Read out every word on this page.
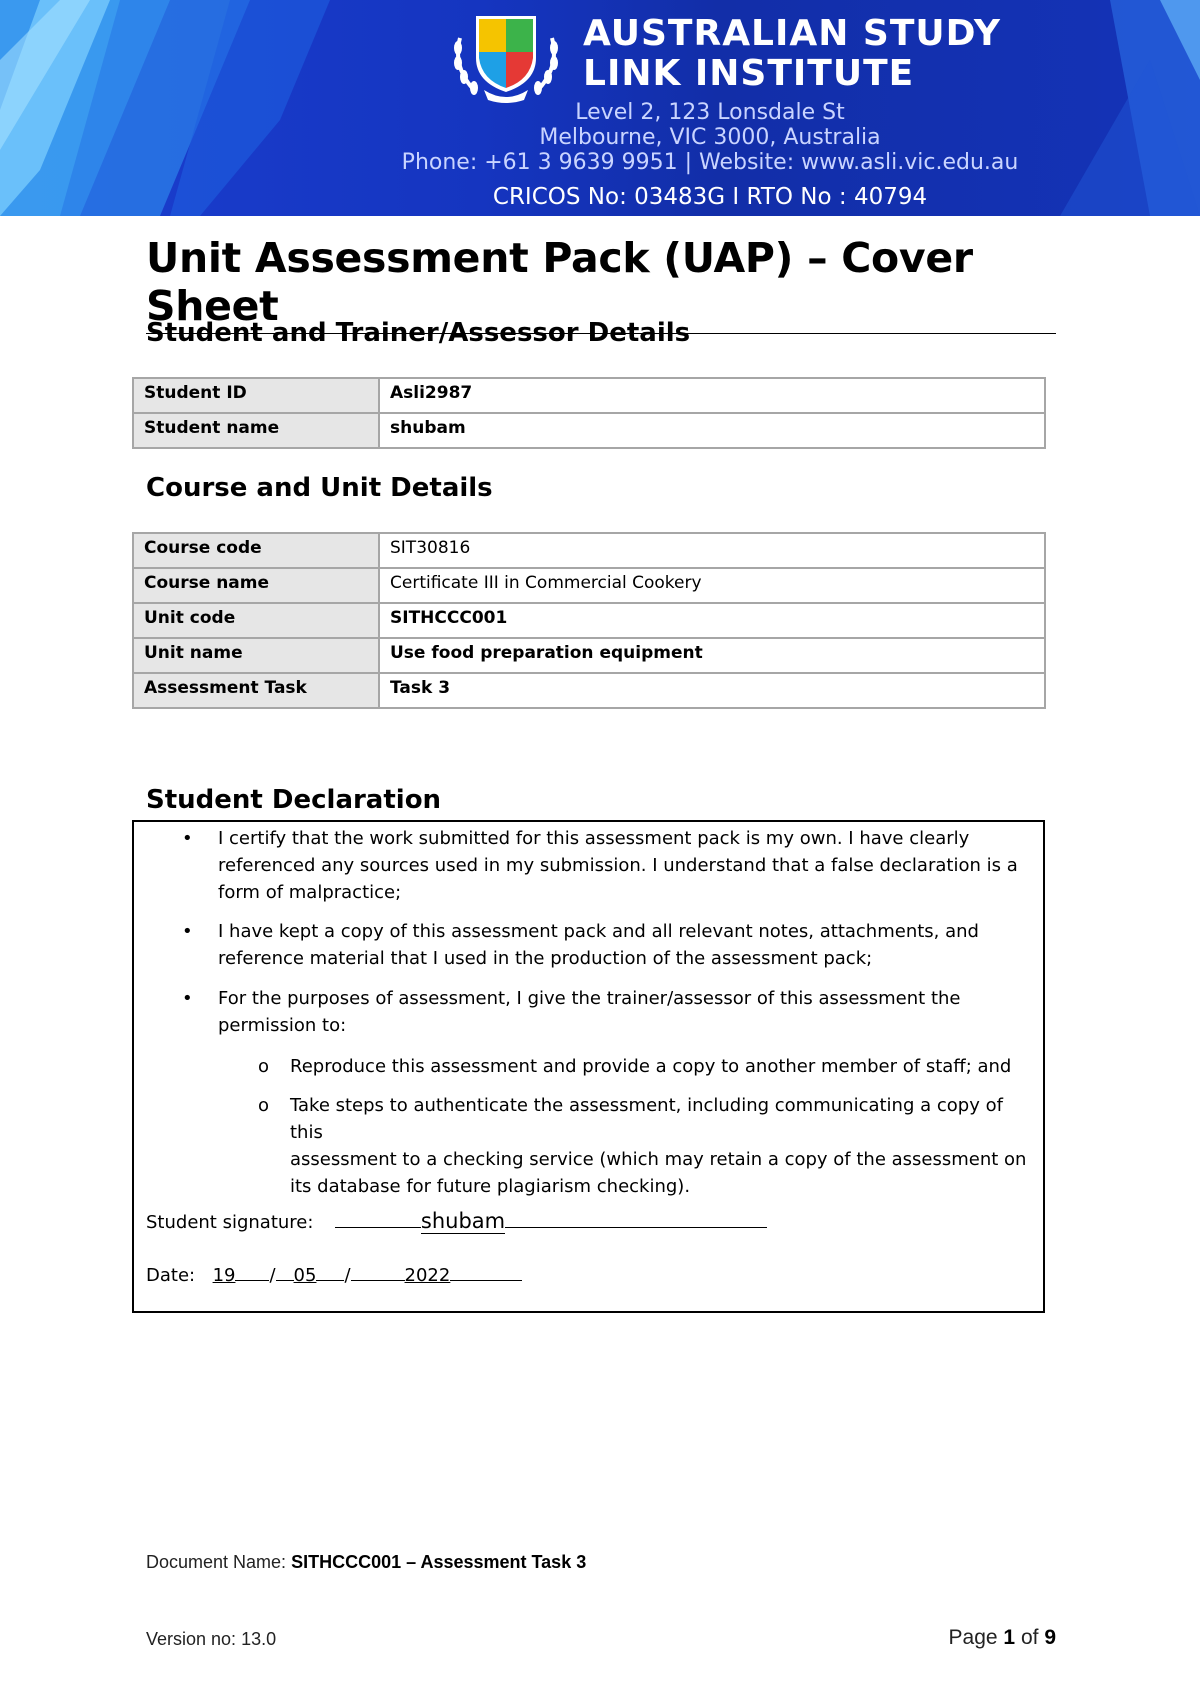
AUSTRALIAN STUDY
LINK INSTITUTE
Level 2, 123 Lonsdale St
Melbourne, VIC 3000, Australia
Phone: +61 3 9639 9951 | Website: www.asli.vic.edu.au
CRICOS No: 03483G I RTO No : 40794
Unit Assessment Pack (UAP) – Cover Sheet
Student and Trainer/Assessor Details
Student ID	Asli2987
Student name	shubam
Course and Unit Details
Course code	SIT30816
Course name	Certificate III in Commercial Cookery
Unit code	SITHCCC001
Unit name	Use food preparation equipment
Assessment Task	Task 3
Student Declaration
• I certify that the work submitted for this assessment pack is my own. I have clearly
referenced any sources used in my submission. I understand that a false declaration is a
form of malpractice;
• I have kept a copy of this assessment pack and all relevant notes, attachments, and
reference material that I used in the production of the assessment pack;
• For the purposes of assessment, I give the trainer/assessor of this assessment the
permission to:
o Reproduce this assessment and provide a copy to another member of staff; and
o Take steps to authenticate the assessment, including communicating a copy of this
assessment to a checking service (which may retain a copy of the assessment on
its database for future plagiarism checking).
Student signature:	shubam
Date: 19 / 05 /	2022
Document Name: SITHCCC001 – Assessment Task 3
Version no: 13.0	Page 1 of 9
